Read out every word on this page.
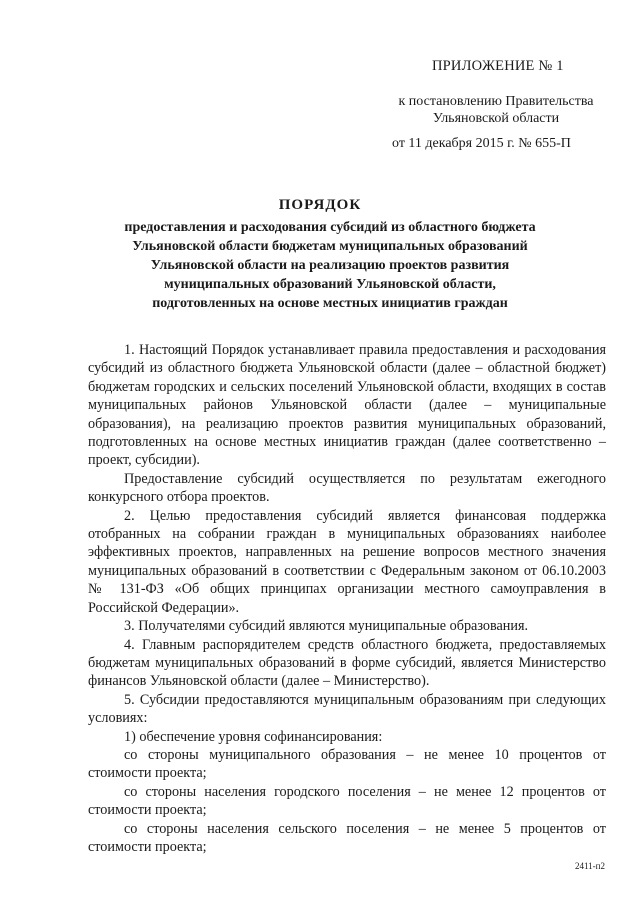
ПРИЛОЖЕНИЕ № 1
к постановлению Правительства
Ульяновской области
от 11 декабря 2015 г. № 655-П
ПОРЯДОК
предоставления и расходования субсидий из областного бюджета
Ульяновской области бюджетам муниципальных образований
Ульяновской области на реализацию проектов развития
муниципальных образований Ульяновской области,
подготовленных на основе местных инициатив граждан

1. Настоящий Порядок устанавливает правила предоставления и расходования субсидий из областного бюджета Ульяновской области (далее – областной бюджет) бюджетам городских и сельских поселений Ульяновской области, входящих в состав муниципальных районов Ульяновской области (далее – муниципальные образования), на реализацию проектов развития муниципальных образований, подготовленных на основе местных инициатив граждан (далее соответственно – проект, субсидии).

Предоставление субсидий осуществляется по результатам ежегодного конкурсного отбора проектов.

2. Целью предоставления субсидий является финансовая поддержка отобранных на собрании граждан в муниципальных образованиях наиболее эффективных проектов, направленных на решение вопросов местного значения муниципальных образований в соответствии с Федеральным законом от 06.10.2003 № 131-ФЗ «Об общих принципах организации местного самоуправления в Российской Федерации».

3. Получателями субсидий являются муниципальные образования.

4. Главным распорядителем средств областного бюджета, предоставляемых бюджетам муниципальных образований в форме субсидий, является Министерство финансов Ульяновской области (далее – Министерство).

5. Субсидии предоставляются муниципальным образованиям при следующих условиях:

1) обеспечение уровня софинансирования:

со стороны муниципального образования – не менее 10 процентов от стоимости проекта;

со стороны населения городского поселения – не менее 12 процентов от стоимости проекта;

со стороны населения сельского поселения – не менее 5 процентов от стоимости проекта;

2411-п2
